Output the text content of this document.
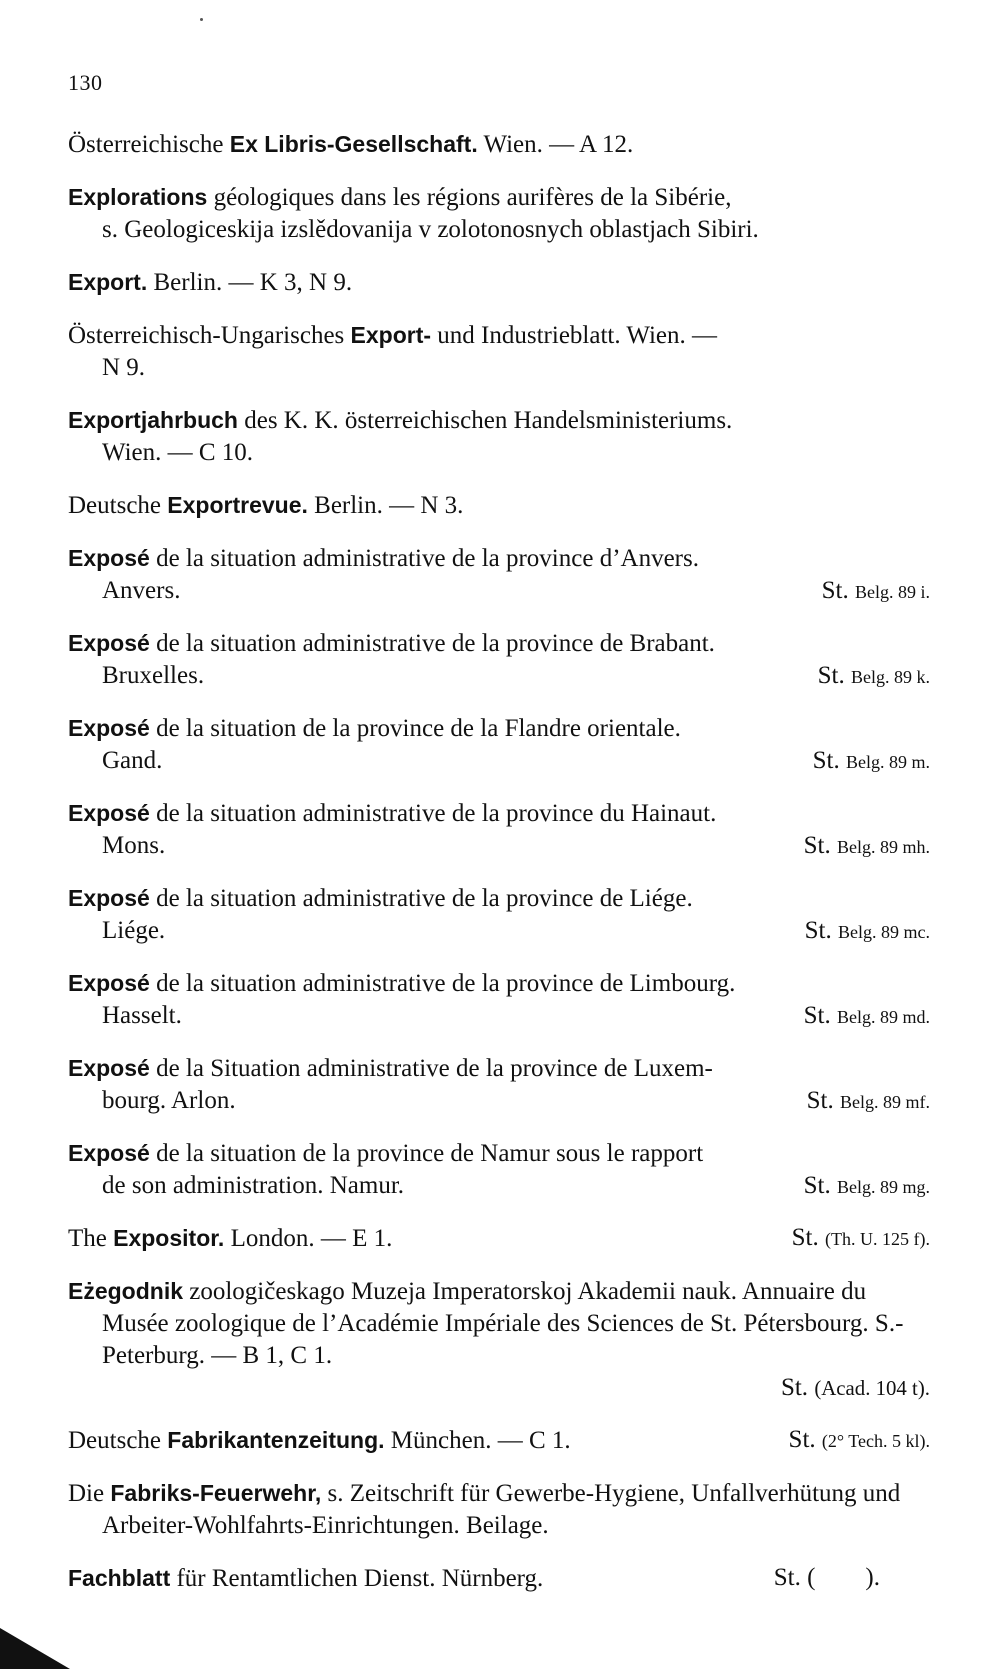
130
Österreichische Ex Libris-Gesellschaft. Wien. — A 12.
Explorations géologiques dans les régions aurifères de la Sibérie,
s. Geologiceskija izslědovanija v zolotonosnych oblastjach Sibiri.
Export. Berlin. — K 3, N 9.
Österreichisch-Ungarisches Export- und Industrieblatt. Wien. —
N 9.
Exportjahrbuch des K. K. österreichischen Handelsministeriums.
Wien. — C 10.
Deutsche Exportrevue. Berlin. — N 3.
Exposé de la situation administrative de la province d’Anvers.
Anvers.	St. Belg. 89 i.
Exposé de la situation administrative de la province de Brabant.
Bruxelles.	St. Belg. 89 k.
Exposé de la situation de la province de la Flandre orientale.
Gand.	St. Belg. 89 m.
Exposé de la situation administrative de la province du Hainaut.
Mons.	St. Belg. 89 mh.
Exposé de la situation administrative de la province de Liége.
Liége.	St. Belg. 89 mc.
Exposé de la situation administrative de la province de Limbourg.
Hasselt.	St. Belg. 89 md.
Exposé de la Situation administrative de la province de Luxem-
bourg. Arlon.	St. Belg. 89 mf.
Exposé de la situation de la province de Namur sous le rapport
de son administration. Namur.	St. Belg. 89 mg.
The Expositor. London. — E 1.	St. (Th. U. 125 f).
Eżegodnik zoologičeskago Muzeja Imperatorskoj Akademii nauk. Annuaire du Musée zoologique de l’Académie Impériale des Sciences de St. Pétersbourg. S.-Peterburg. — B 1, C 1.
St. (Acad. 104 t).
Deutsche Fabrikantenzeitung. München. — C 1.	St. (2° Tech. 5 kl).
Die Fabriks-Feuerwehr, s. Zeitschrift für Gewerbe-Hygiene, Unfallverhütung und Arbeiter-Wohlfahrts-Einrichtungen. Beilage.
Fachblatt für Rentamtlichen Dienst. Nürnberg.	St. (        ).
